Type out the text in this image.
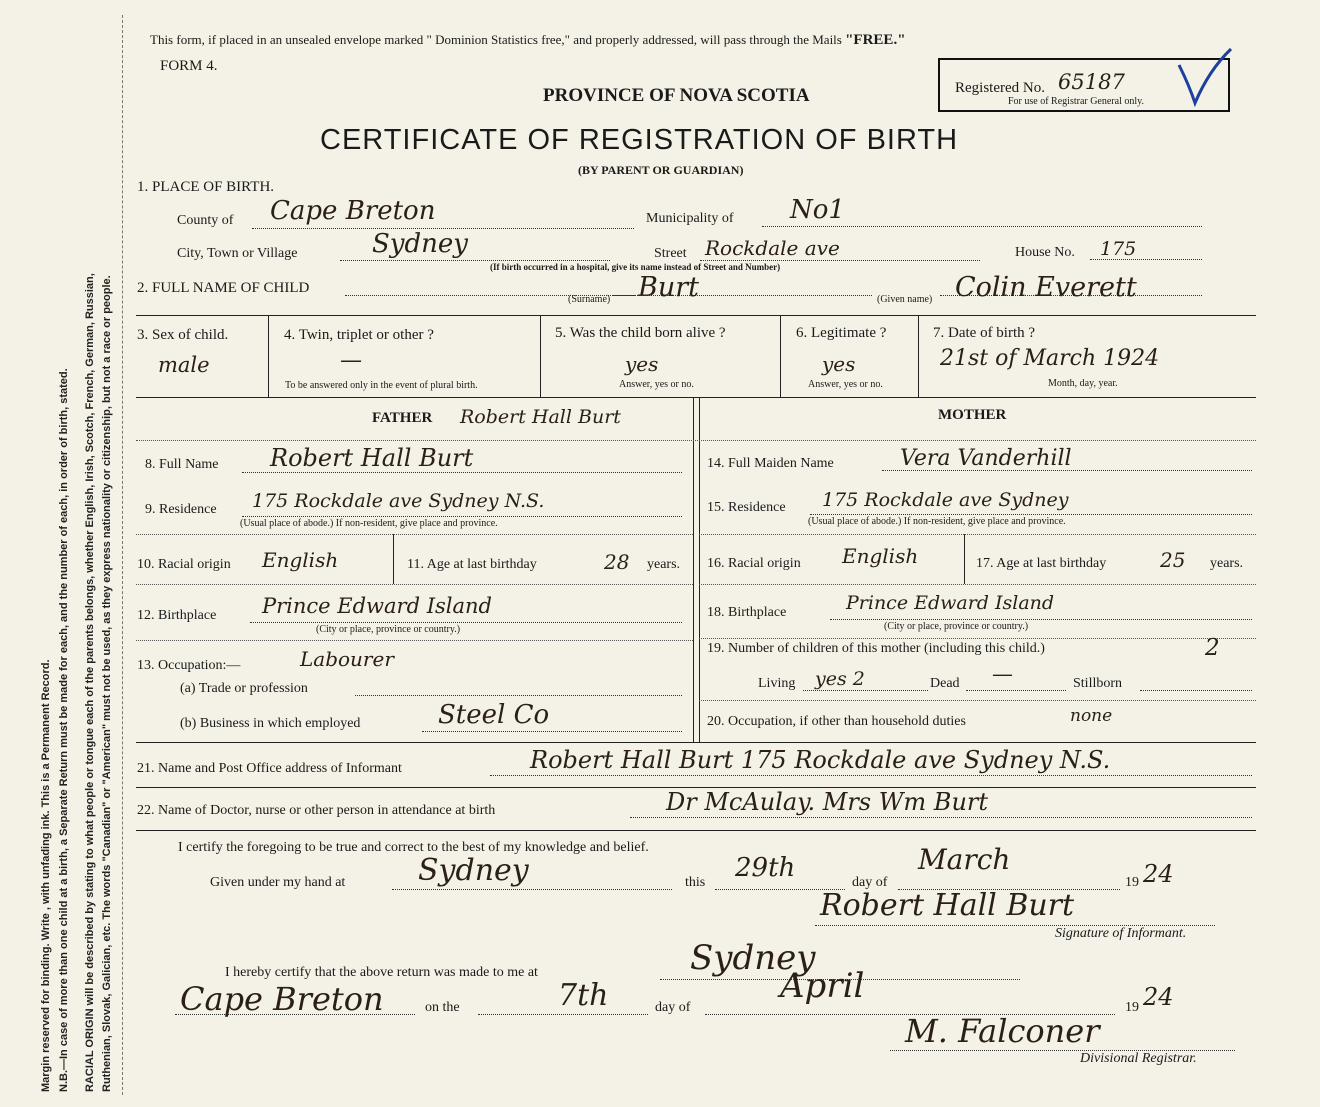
Margin reserved for binding. Write , with unfading ink. This is a Permanent Record. N.B.—In case of more than one child at a birth, a Separate Return must be made for each, and the number of each, in order of birth, stated. RACIAL ORIGIN will be described by stating to what people or tongue each of the parents belongs, whether English, Irish, Scotch, French, German, Russian, Ruthenian, Slovak, Galician, etc. The words "Canadian" or "American" must not be used, as they express nationality or citizenship, but not a race or people.
This form, if placed in an unsealed envelope marked " Dominion Statistics free," and properly addressed, will pass through the Mails "FREE."
FORM 4.
PROVINCE OF NOVA SCOTIA
CERTIFICATE OF REGISTRATION OF BIRTH
(BY PARENT OR GUARDIAN)
Registered No. 65187
For use of Registrar General only.
1. PLACE OF BIRTH.
County of Cape Breton	Municipality of No1
City, Town or Village	Sydney	Street Rockdale ave	House No. 175
(If birth occurred in a hospital, give its name instead of Street and Number)
2. FULL NAME OF CHILD
(Surname) Burt	(Given name) Colin Everett
3. Sex of child.
male
4. Twin, triplet or other ?
—
To be answered only in the event of plural birth.
5. Was the child born alive ?
yes
Answer, yes or no.
6. Legitimate ?
yes
Answer, yes or no.
7. Date of birth ?
21st of March 1924
Month, day, year.
FATHER Robert Hall Burt	MOTHER
8. Full Name Robert Hall Burt
9. Residence 175 Rockdale ave Sydney N.S.
(Usual place of abode.) If non-resident, give place and province.
10. Racial origin English	11. Age at last birthday	28 years.
12. Birthplace Prince Edward Island
(City or place, province or country.)
13. Occupation:—	Labourer
(a) Trade or profession
(b) Business in which employed	Steel Co
14. Full Maiden Name	Vera Vanderhill
15. Residence 175 Rockdale ave Sydney
(Usual place of abode.) If non-resident, give place and province.
16. Racial origin English	17. Age at last birthday	25 years.
18. Birthplace	Prince Edward Island
(City or place, province or country.)
19. Number of children of this mother (including this child.)	2
Living yes 2	Dead —	Stillborn
20. Occupation, if other than household duties	none
21. Name and Post Office address of Informant	Robert Hall Burt 175 Rockdale ave Sydney N.S.
22. Name of Doctor, nurse or other person in attendance at birth	Dr McAulay. Mrs Wm Burt
I certify the foregoing to be true and correct to the best of my knowledge and belief.
Given under my hand at Sydney	this 29th	day of
March
19 24
Robert Hall Burt
Signature of Informant.
I hereby certify that the above return was made to me at	Sydney
Cape Breton	on the	7th	day of
April
19 24
M. Falconer
Divisional Registrar.
